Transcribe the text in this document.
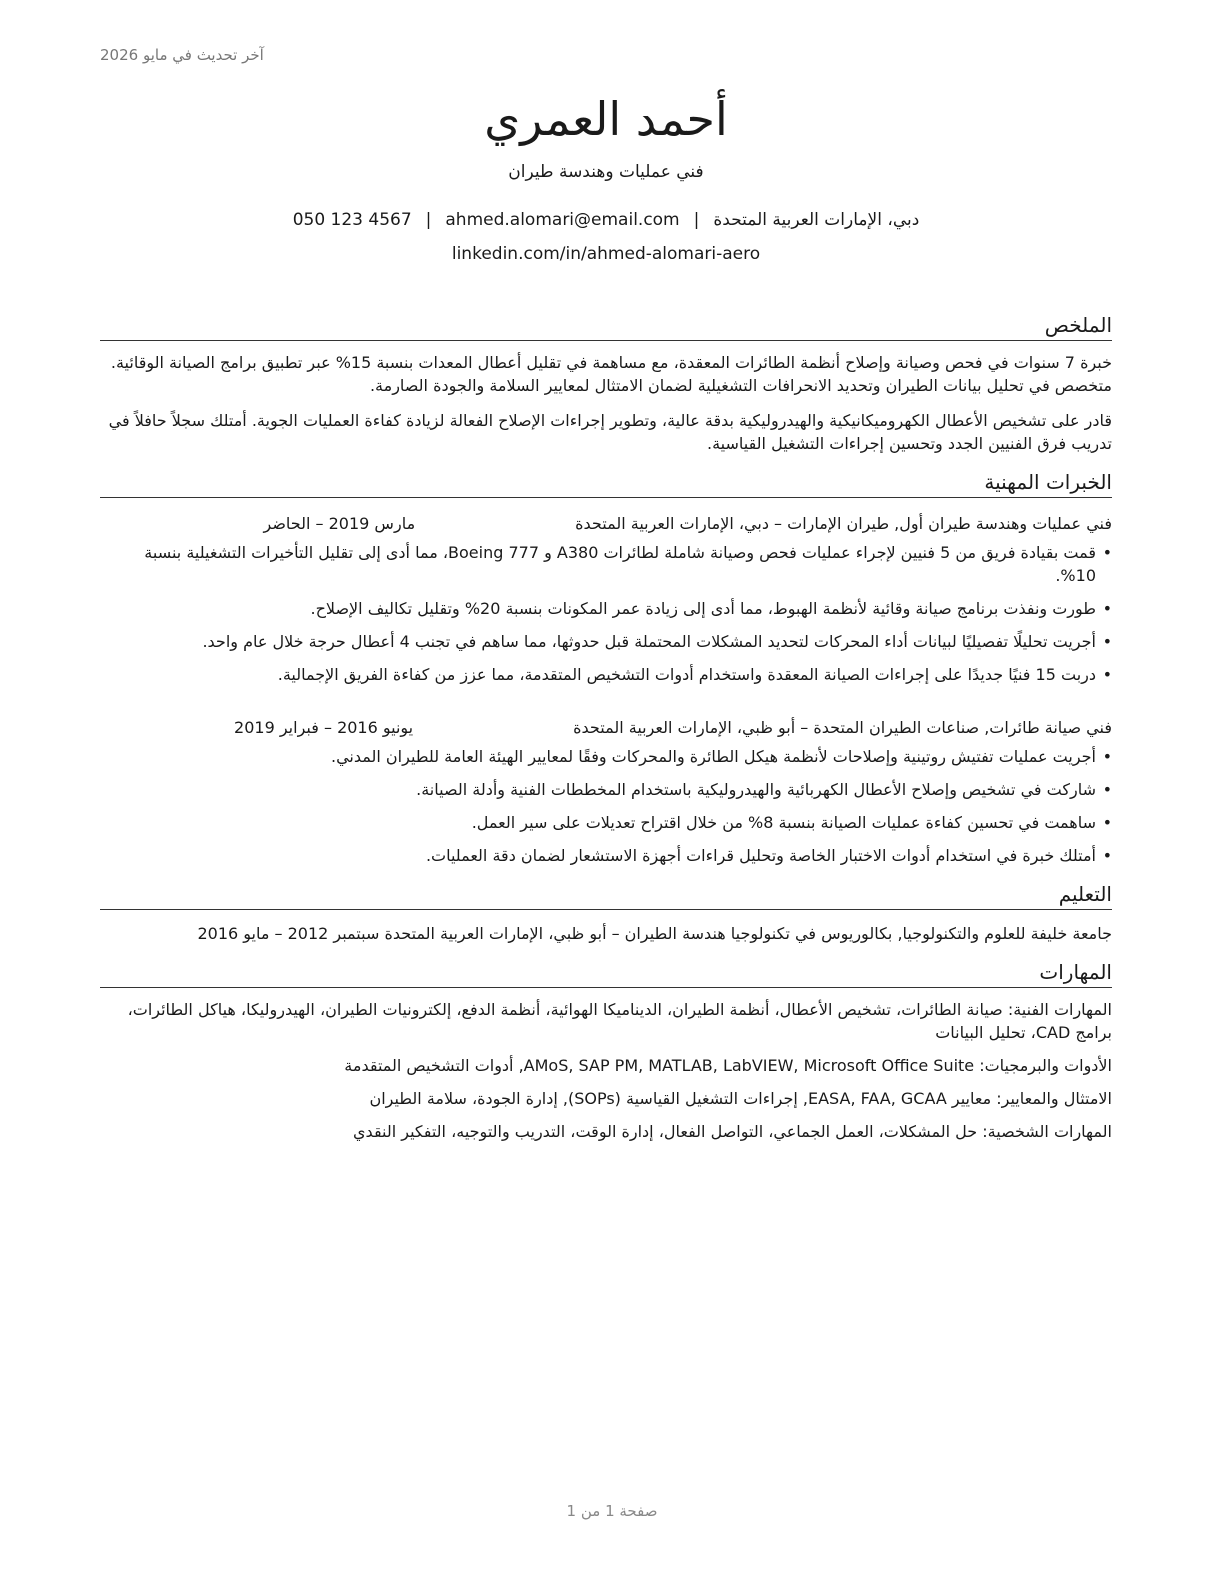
آخر تحديث في مايو 2026
أحمد العمري
فني عمليات وهندسة طيران
دبي، الإمارات العربية المتحدة|ahmed.alomari@email.com|050 123 4567
linkedin.com/in/ahmed-alomari-aero
الملخص

خبرة 7 سنوات في فحص وصيانة وإصلاح أنظمة الطائرات المعقدة، مع مساهمة في تقليل أعطال المعدات بنسبة 15% عبر تطبيق برامج الصيانة الوقائية. متخصص في تحليل بيانات الطيران وتحديد الانحرافات التشغيلية لضمان الامتثال لمعايير السلامة والجودة الصارمة.

قادر على تشخيص الأعطال الكهروميكانيكية والهيدروليكية بدقة عالية، وتطوير إجراءات الإصلاح الفعالة لزيادة كفاءة العمليات الجوية. أمتلك سجلاً حافلاً في تدريب فرق الفنيين الجدد وتحسين إجراءات التشغيل القياسية.

الخبرات المهنية
فني عمليات وهندسة طيران أول, طيران الإمارات – دبي، الإمارات العربية المتحدة
مارس 2019 – الحاضر
• قمت بقيادة فريق من 5 فنيين لإجراء عمليات فحص وصيانة شاملة لطائرات A380 و Boeing 777، مما أدى إلى تقليل التأخيرات التشغيلية بنسبة 10%.
• طورت ونفذت برنامج صيانة وقائية لأنظمة الهبوط، مما أدى إلى زيادة عمر المكونات بنسبة 20% وتقليل تكاليف الإصلاح.
• أجريت تحليلًا تفصيليًا لبيانات أداء المحركات لتحديد المشكلات المحتملة قبل حدوثها، مما ساهم في تجنب 4 أعطال حرجة خلال عام واحد.
• دربت 15 فنيًا جديدًا على إجراءات الصيانة المعقدة واستخدام أدوات التشخيص المتقدمة، مما عزز من كفاءة الفريق الإجمالية.
فني صيانة طائرات, صناعات الطيران المتحدة – أبو ظبي، الإمارات العربية المتحدة
يونيو 2016 – فبراير 2019
• أجريت عمليات تفتيش روتينية وإصلاحات لأنظمة هيكل الطائرة والمحركات وفقًا لمعايير الهيئة العامة للطيران المدني.
• شاركت في تشخيص وإصلاح الأعطال الكهربائية والهيدروليكية باستخدام المخططات الفنية وأدلة الصيانة.
• ساهمت في تحسين كفاءة عمليات الصيانة بنسبة 8% من خلال اقتراح تعديلات على سير العمل.
• أمتلك خبرة في استخدام أدوات الاختبار الخاصة وتحليل قراءات أجهزة الاستشعار لضمان دقة العمليات.
التعليم
جامعة خليفة للعلوم والتكنولوجيا, بكالوريوس في تكنولوجيا هندسة الطيران – أبو ظبي، الإمارات العربية المتحدة سبتمبر 2012 – مايو 2016
المهارات
المهارات الفنية: صيانة الطائرات، تشخيص الأعطال، أنظمة الطيران، الديناميكا الهوائية، أنظمة الدفع، إلكترونيات الطيران، الهيدروليكا، هياكل الطائرات، برامج CAD، تحليل البيانات
الأدوات والبرمجيات: AMoS, SAP PM, MATLAB, LabVIEW, Microsoft Office Suite, أدوات التشخيص المتقدمة
الامتثال والمعايير: معايير EASA, FAA, GCAA, إجراءات التشغيل القياسية (SOPs), إدارة الجودة، سلامة الطيران
المهارات الشخصية: حل المشكلات، العمل الجماعي، التواصل الفعال، إدارة الوقت، التدريب والتوجيه، التفكير النقدي
صفحة 1 من 1
